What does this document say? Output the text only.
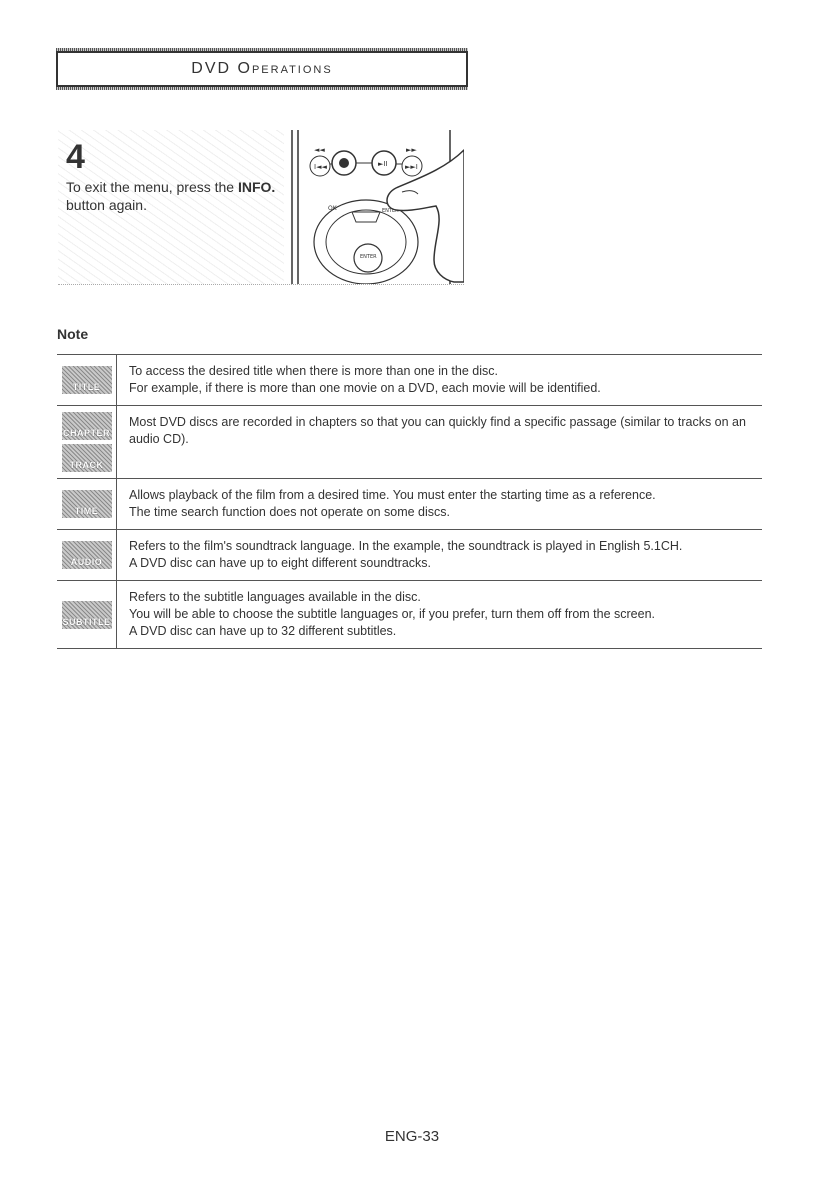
DVD Operations
4
To exit the menu, press the INFO. button again.
◄◄	►►
I◄◄	►II ►►I
ENTER
ENTER
OK
Note
TITLE
To access the desired title when there is more than one in the disc.
For example, if there is more than one movie on a DVD, each movie will be identified.
CHAPTER
TRACK
Most DVD discs are recorded in chapters so that you can quickly find a specific passage (similar to tracks on an audio CD).
TIME
Allows playback of the film from a desired time. You must enter the starting time as a reference.
The time search function does not operate on some discs.
AUDIO
Refers to the film's soundtrack language. In the example, the soundtrack is played in English 5.1CH.
A DVD disc can have up to eight different soundtracks.
SUBTITLE
Refers to the subtitle languages available in the disc.
You will be able to choose the subtitle languages or, if you prefer, turn them off from the screen.
A DVD disc can have up to 32 different subtitles.
ENG-33
